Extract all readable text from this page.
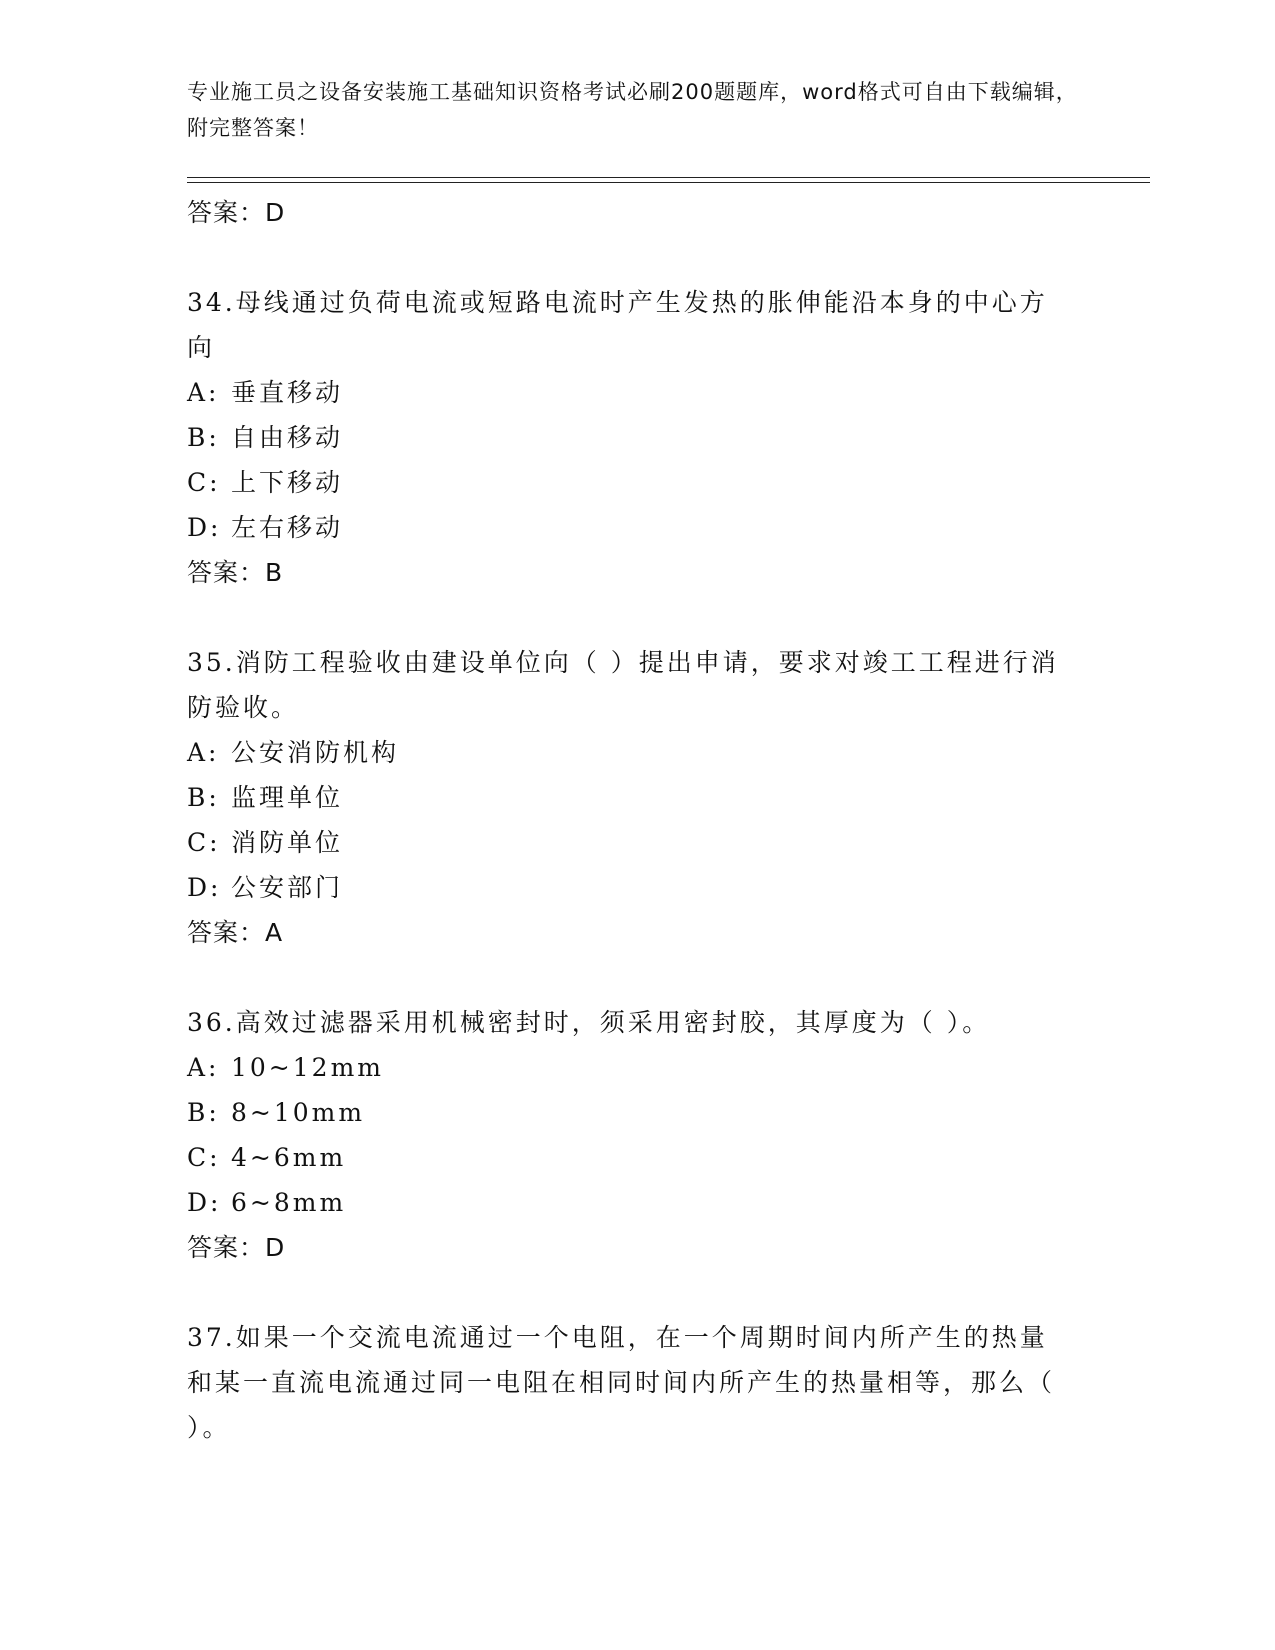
专业施工员之设备安装施工基础知识资格考试必刷200题题库，word格式可自由下载编辑，附完整答案！
答案：D
34.母线通过负荷电流或短路电流时产生发热的胀伸能沿本身的中心方向
A: 垂直移动
B: 自由移动
C: 上下移动
D: 左右移动
答案：B
35.消防工程验收由建设单位向（ ）提出申请，要求对竣工工程进行消防验收。
A: 公安消防机构
B: 监理单位
C: 消防单位
D: 公安部门
答案：A
36.高效过滤器采用机械密封时，须采用密封胶，其厚度为（ ）。
A: 10~12mm
B: 8~10mm
C: 4~6mm
D: 6~8mm
答案：D
37.如果一个交流电流通过一个电阻，在一个周期时间内所产生的热量和某一直流电流通过同一电阻在相同时间内所产生的热量相等，那么（ ）。
